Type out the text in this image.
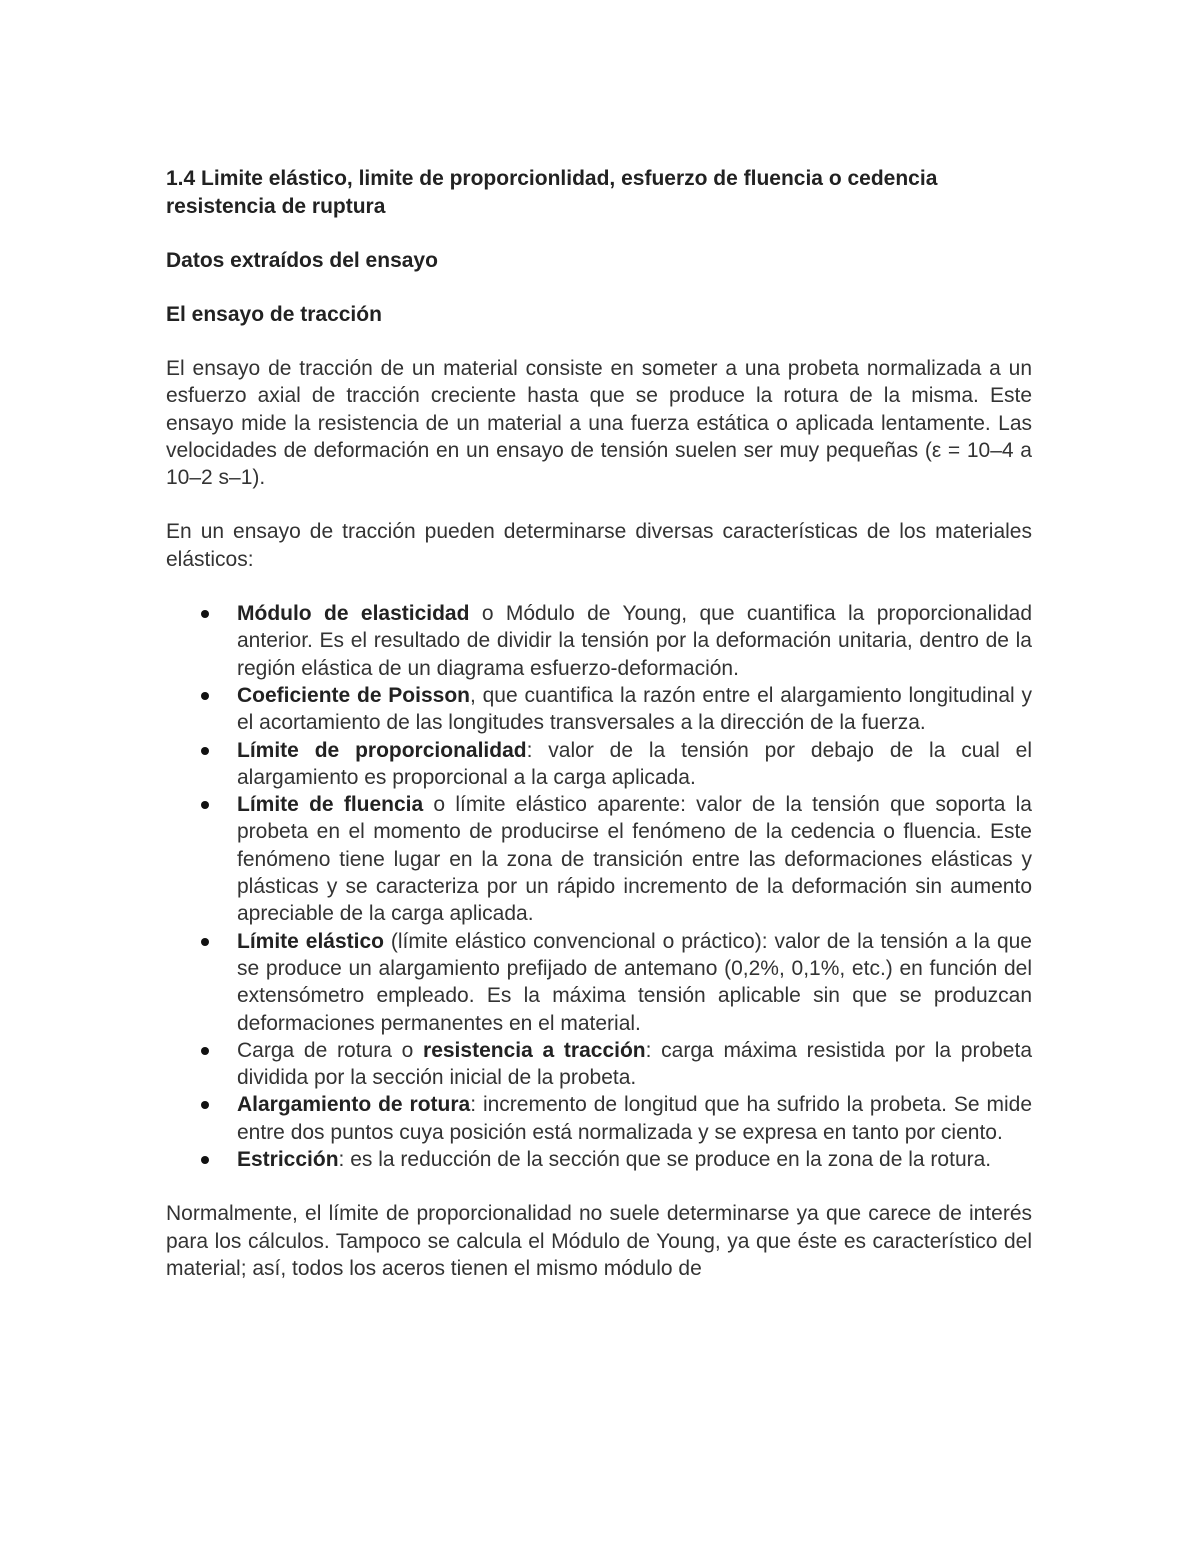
1.4 Limite elástico, limite de proporcionlidad, esfuerzo de fluencia o cedencia
resistencia de ruptura
Datos extraídos del ensayo
El ensayo de tracción

El ensayo de tracción de un material consiste en someter a una probeta normalizada a un esfuerzo axial de tracción creciente hasta que se produce la rotura de la misma. Este ensayo mide la resistencia de un material a una fuerza estática o aplicada lentamente. Las velocidades de deformación en un ensayo de tensión suelen ser muy pequeñas (ε = 10–4 a 10–2 s–1).

En un ensayo de tracción pueden determinarse diversas características de los materiales elásticos:

Módulo de elasticidad o Módulo de Young, que cuantifica la proporcionalidad anterior. Es el resultado de dividir la tensión por la deformación unitaria, dentro de la región elástica de un diagrama esfuerzo-deformación.
Coeficiente de Poisson, que cuantifica la razón entre el alargamiento longitudinal y el acortamiento de las longitudes transversales a la dirección de la fuerza.
Límite de proporcionalidad: valor de la tensión por debajo de la cual el alargamiento es proporcional a la carga aplicada.
Límite de fluencia o límite elástico aparente: valor de la tensión que soporta la probeta en el momento de producirse el fenómeno de la cedencia o fluencia. Este fenómeno tiene lugar en la zona de transición entre las deformaciones elásticas y plásticas y se caracteriza por un rápido incremento de la deformación sin aumento apreciable de la carga aplicada.
Límite elástico (límite elástico convencional o práctico): valor de la tensión a la que se produce un alargamiento prefijado de antemano (0,2%, 0,1%, etc.) en función del extensómetro empleado. Es la máxima tensión aplicable sin que se produzcan deformaciones permanentes en el material.
Carga de rotura o resistencia a tracción: carga máxima resistida por la probeta dividida por la sección inicial de la probeta.
Alargamiento de rotura: incremento de longitud que ha sufrido la probeta. Se mide entre dos puntos cuya posición está normalizada y se expresa en tanto por ciento.
Estricción: es la reducción de la sección que se produce en la zona de la rotura.

Normalmente, el límite de proporcionalidad no suele determinarse ya que carece de interés para los cálculos. Tampoco se calcula el Módulo de Young, ya que éste es característico del material; así, todos los aceros tienen el mismo módulo de
